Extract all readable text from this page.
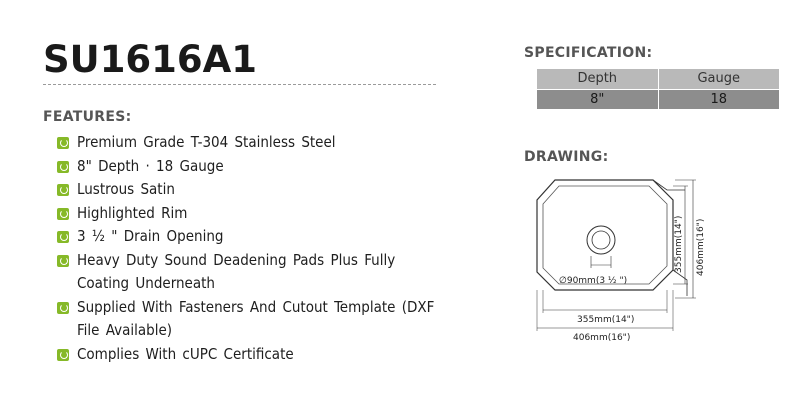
SU1616A1
FEATURES:
Premium Grade T-304 Stainless Steel
8" Depth · 18 Gauge
Lustrous Satin
Highlighted Rim
3 ½ " Drain Opening
Heavy Duty Sound Deadening Pads Plus Fully Coating Underneath
Supplied With Fasteners And Cutout Template (DXF File Available)
Complies With cUPC Certificate
SPECIFICATION:
Depth	Gauge
8"	18
DRAWING:
∅90mm(3 ½ ")
355mm(14")
406mm(16")
355mm(14") 406mm(16")
